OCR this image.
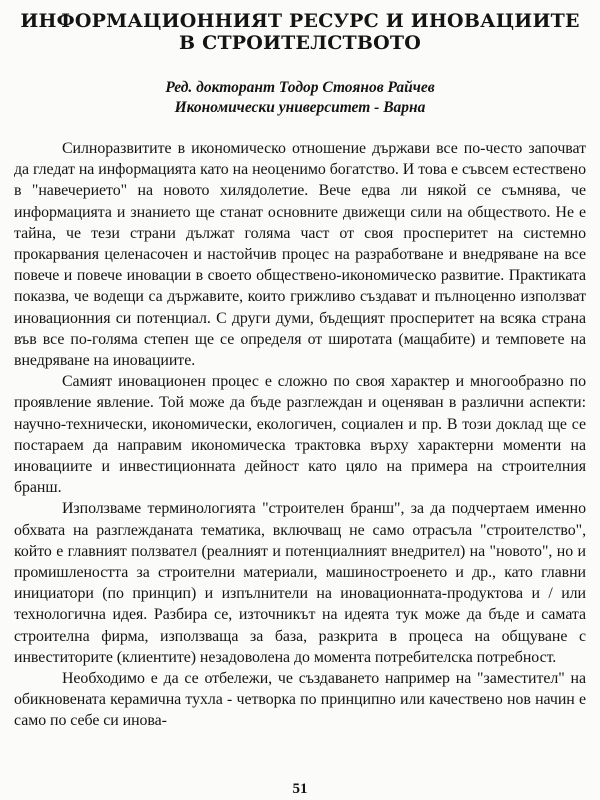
ИНФОРМАЦИОННИЯТ РЕСУРС И ИНОВАЦИИТЕ
В СТРОИТЕЛСТВОТО
Ред. докторант Тодор Стоянов Райчев
Икономически университет - Варна

Силноразвитите в икономическо отношение държави все по-често започват да гледат на информацията като на неоценимо богатство. И това е съвсем естествено в "навечерието" на новото хилядолетие. Вече едва ли някой се съмнява, че информацията и знанието ще станат основните движещи сили на обществото. Не е тайна, че тези страни дължат голяма част от своя просперитет на системно прокарвания целенасочен и настойчив процес на разработване и внедряване на все повече и повече иновации в своето обществено-икономическо развитие. Практиката показва, че водещи са държавите, които грижливо създават и пълноценно използват иновационния си потенциал. С други думи, бъдещият просперитет на всяка страна във все по-голяма степен ще се определя от широтата (мащабите) и темповете на внедряване на иновациите.

Самият иновационен процес е сложно по своя характер и многообразно по проявление явление. Той може да бъде разглеждан и оценяван в различни аспекти: научно-технически, икономически, екологичен, социален и пр. В този доклад ще се постараем да направим икономическа трактовка върху характерни моменти на иновациите и инвестиционната дейност като цяло на примера на строителния бранш.

Използваме терминологията "строителен бранш", за да подчертаем именно обхвата на разглежданата тематика, включващ не само отрасъла "строителство", който е главният ползвател (реалният и потенциалният внедрител) на "новото", но и промишлеността за строителни материали, машиностроенето и др., като главни инициатори (по принцип) и изпълнители на иновационната-продуктова и / или технологична идея. Разбира се, източникът на идеята тук може да бъде и самата строителна фирма, използваща за база, разкрита в процеса на общуване с инвеститорите (клиентите) незадоволена до момента потребителска потребност.

Необходимо е да се отбележи, че създаването например на "заместител" на обикновената керамична тухла - четворка по принципно или качествено нов начин е само по себе си инова-

51
